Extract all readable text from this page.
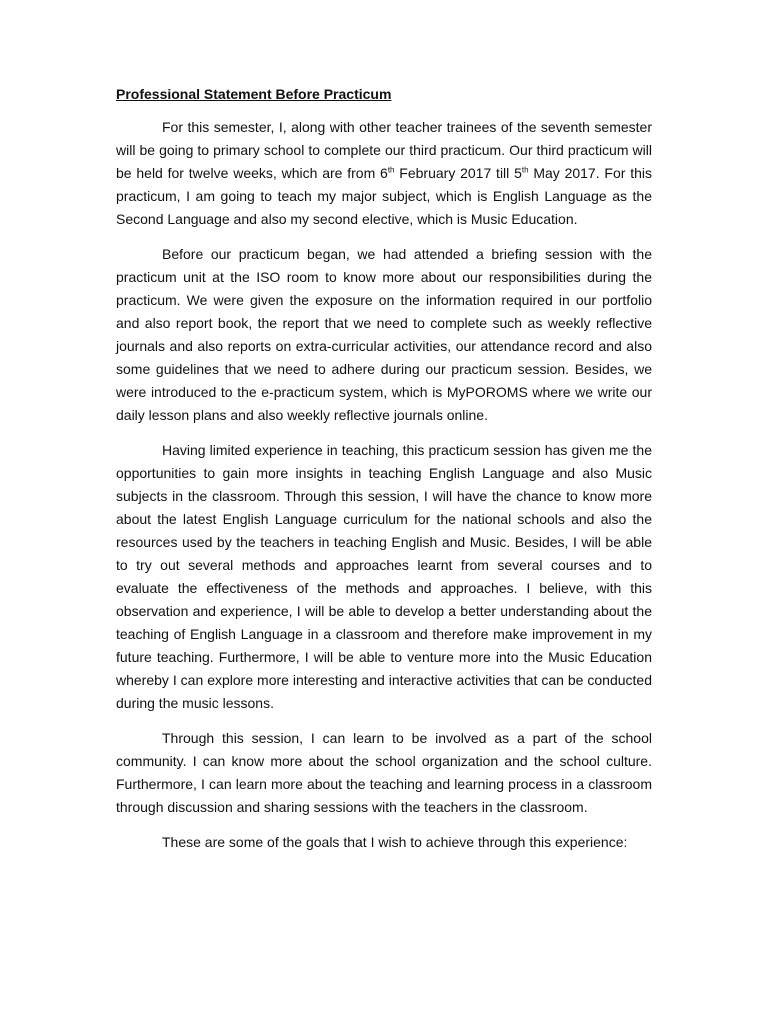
Professional Statement Before Practicum

For this semester, I, along with other teacher trainees of the seventh semester will be going to primary school to complete our third practicum. Our third practicum will be held for twelve weeks, which are from 6th February 2017 till 5th May 2017. For this practicum, I am going to teach my major subject, which is English Language as the Second Language and also my second elective, which is Music Education.

Before our practicum began, we had attended a briefing session with the practicum unit at the ISO room to know more about our responsibilities during the practicum. We were given the exposure on the information required in our portfolio and also report book, the report that we need to complete such as weekly reflective journals and also reports on extra-curricular activities, our attendance record and also some guidelines that we need to adhere during our practicum session. Besides, we were introduced to the e-practicum system, which is MyPOROMS where we write our daily lesson plans and also weekly reflective journals online.

Having limited experience in teaching, this practicum session has given me the opportunities to gain more insights in teaching English Language and also Music subjects in the classroom. Through this session, I will have the chance to know more about the latest English Language curriculum for the national schools and also the resources used by the teachers in teaching English and Music. Besides, I will be able to try out several methods and approaches learnt from several courses and to evaluate the effectiveness of the methods and approaches. I believe, with this observation and experience, I will be able to develop a better understanding about the teaching of English Language in a classroom and therefore make improvement in my future teaching. Furthermore, I will be able to venture more into the Music Education whereby I can explore more interesting and interactive activities that can be conducted during the music lessons.

Through this session, I can learn to be involved as a part of the school community. I can know more about the school organization and the school culture. Furthermore, I can learn more about the teaching and learning process in a classroom through discussion and sharing sessions with the teachers in the classroom.

These are some of the goals that I wish to achieve through this experience:
